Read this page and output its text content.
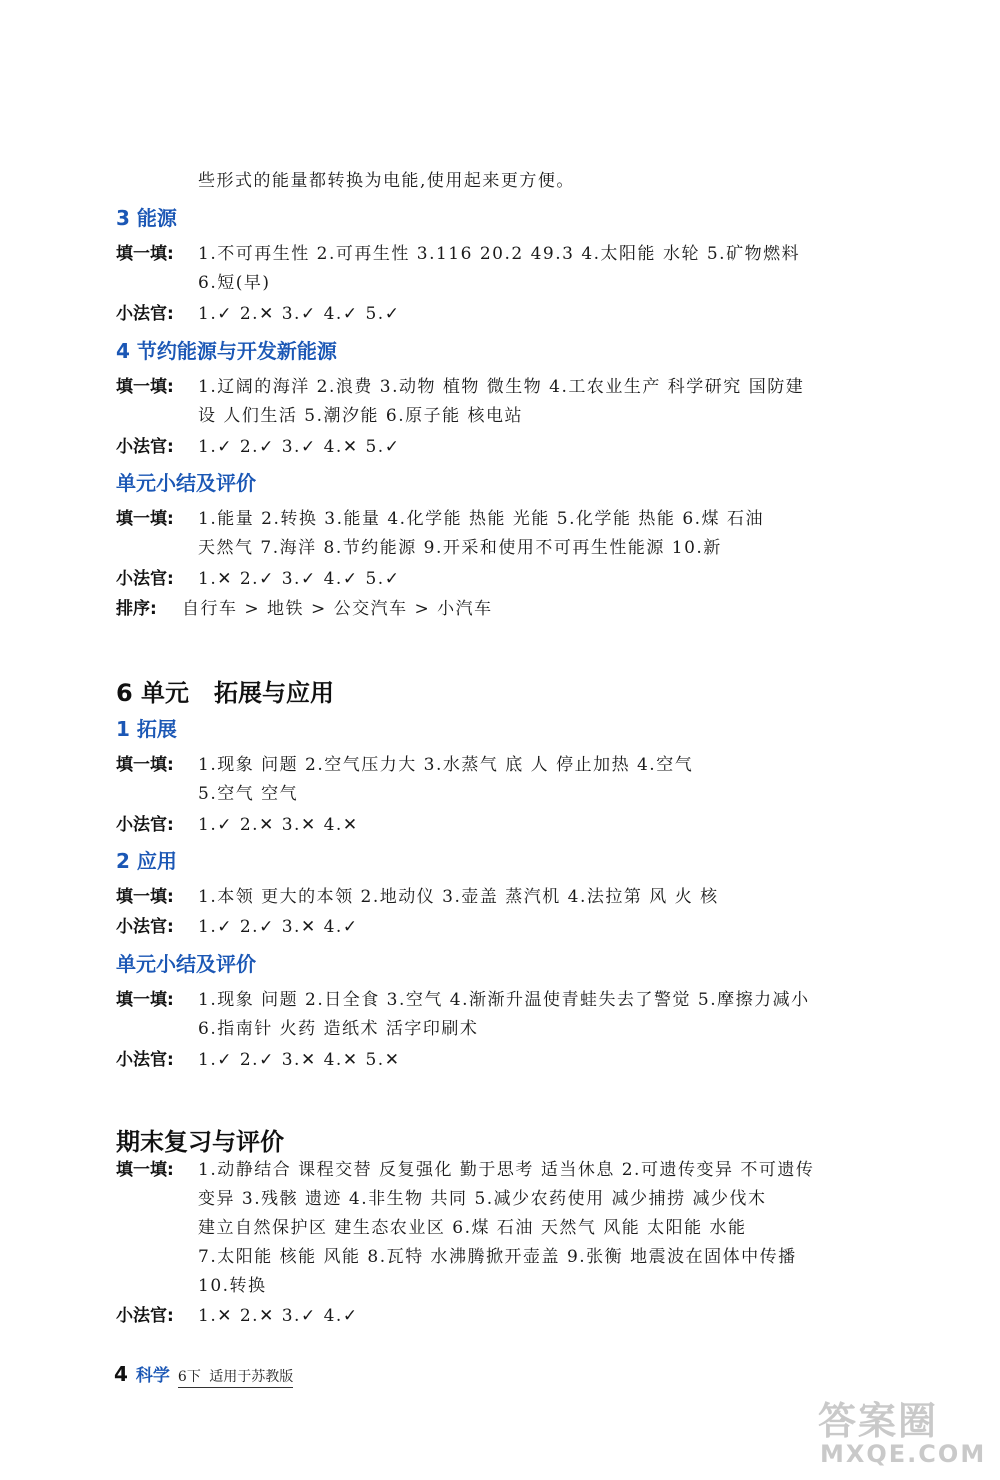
些形式的能量都转换为电能,使用起来更方便。
3 能源
填一填: 1.不可再生性 2.可再生性 3.116 20.2 49.3 4.太阳能 水轮 5.矿物燃料
6.短(早)
小法官: 1.✓ 2.✕ 3.✓ 4.✓ 5.✓
4 节约能源与开发新能源
填一填: 1.辽阔的海洋 2.浪费 3.动物 植物 微生物 4.工农业生产 科学研究 国防建
设 人们生活 5.潮汐能 6.原子能 核电站
小法官: 1.✓ 2.✓ 3.✓ 4.✕ 5.✓
单元小结及评价
填一填: 1.能量 2.转换 3.能量 4.化学能 热能 光能 5.化学能 热能 6.煤 石油
天然气 7.海洋 8.节约能源 9.开采和使用不可再生性能源 10.新
小法官: 1.✕ 2.✓ 3.✓ 4.✓ 5.✓
排序: 自行车 > 地铁 > 公交汽车 > 小汽车
6 单元 拓展与应用
1 拓展
填一填: 1.现象 问题 2.空气压力大 3.水蒸气 底 人 停止加热 4.空气
5.空气 空气
小法官: 1.✓ 2.✕ 3.✕ 4.✕
2 应用
填一填: 1.本领 更大的本领 2.地动仪 3.壶盖 蒸汽机 4.法拉第 风 火 核
小法官: 1.✓ 2.✓ 3.✕ 4.✓
单元小结及评价
填一填: 1.现象 问题 2.日全食 3.空气 4.渐渐升温使青蛙失去了警觉 5.摩擦力减小
6.指南针 火药 造纸术 活字印刷术
小法官: 1.✓ 2.✓ 3.✕ 4.✕ 5.✕
期末复习与评价
填一填: 1.动静结合 课程交替 反复强化 勤于思考 适当休息 2.可遗传变异 不可遗传
变异 3.残骸 遗迹 4.非生物 共同 5.减少农药使用 减少捕捞 减少伐木
建立自然保护区 建生态农业区 6.煤 石油 天然气 风能 太阳能 水能
7.太阳能 核能 风能 8.瓦特 水沸腾掀开壶盖 9.张衡 地震波在固体中传播
10.转换
小法官: 1.✕ 2.✕ 3.✓ 4.✓
4 科学 6下 适用于苏教版
答案圈
MXQE.COM
